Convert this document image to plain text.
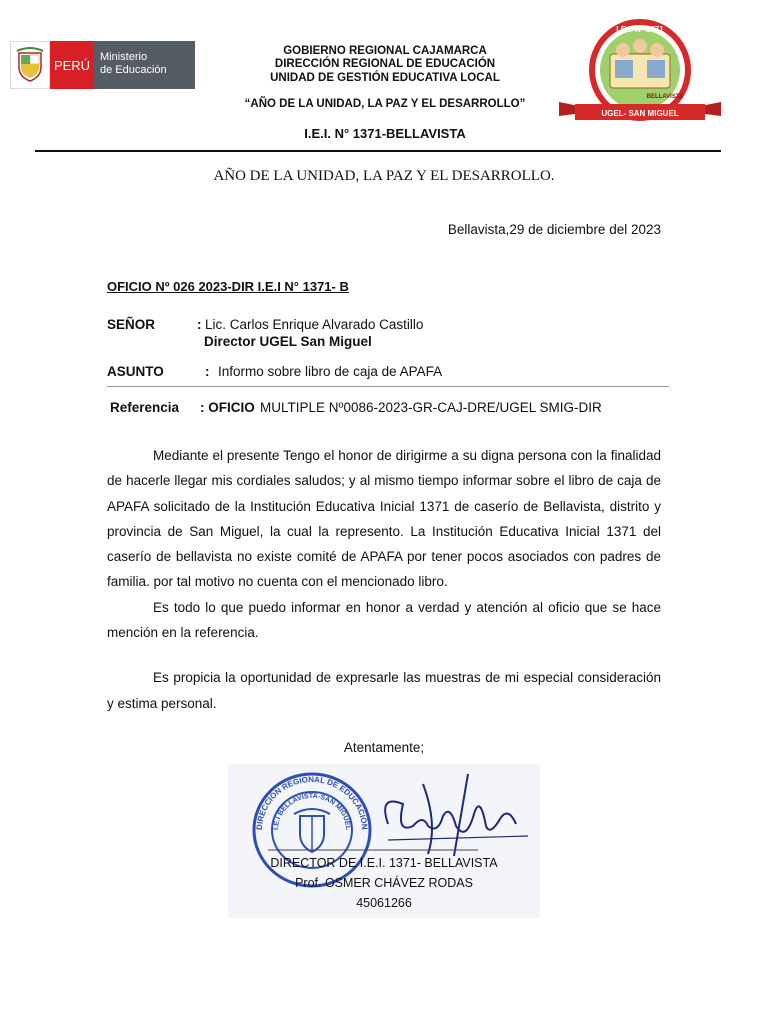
PERÚ
Ministerio
de Educación
GOBIERNO REGIONAL CAJAMARCA
DIRECCIÓN REGIONAL DE EDUCACIÓN
UNIDAD DE GESTIÓN EDUCATIVA LOCAL
“AÑO DE LA UNIDAD, LA PAZ Y EL DESARROLLO”
I.E.I. N° 1371-BELLAVISTA
I.E.I. Nº 1371
BELLAVISTA
UGEL- SAN MIGUEL
AÑO DE LA UNIDAD, LA PAZ Y EL DESARROLLO.
Bellavista,29 de diciembre del 2023
OFICIO Nº 026 2023-DIR I.E.I N° 1371- B
SEÑOR	: Lic. Carlos Enrique Alvarado Castillo
Director UGEL San Miguel
ASUNTO	: Informo sobre libro de caja de APAFA
Referencia : OFICIO MULTIPLE Nº0086-2023-GR-CAJ-DRE/UGEL SMIG-DIR

Mediante el presente Tengo el honor de dirigirme a su digna persona con la finalidad de hacerle llegar mis cordiales saludos; y al mismo tiempo informar sobre el libro de caja de APAFA solicitado de la Institución Educativa Inicial 1371 de caserío de Bellavista, distrito y provincia de San Miguel, la cual la represento. La Institución Educativa Inicial 1371 del caserío de bellavista no existe comité de APAFA por tener pocos asociados con padres de familia. por tal motivo no cuenta con el mencionado libro.

Es todo lo que puedo informar en honor a verdad y atención al oficio que se hace mención en la referencia.

Es propicia la oportunidad de expresarle las muestras de mi especial consideración y estima personal.

Atentamente;
DIRECCIÓN REGIONAL DE EDUCACIÓN
I.E.I BELLAVISTA-SAN MIGUEL
DIRECTOR DE I.E.I. 1371- BELLAVISTA
Prof. OSMER CHÁVEZ RODAS
45061266
